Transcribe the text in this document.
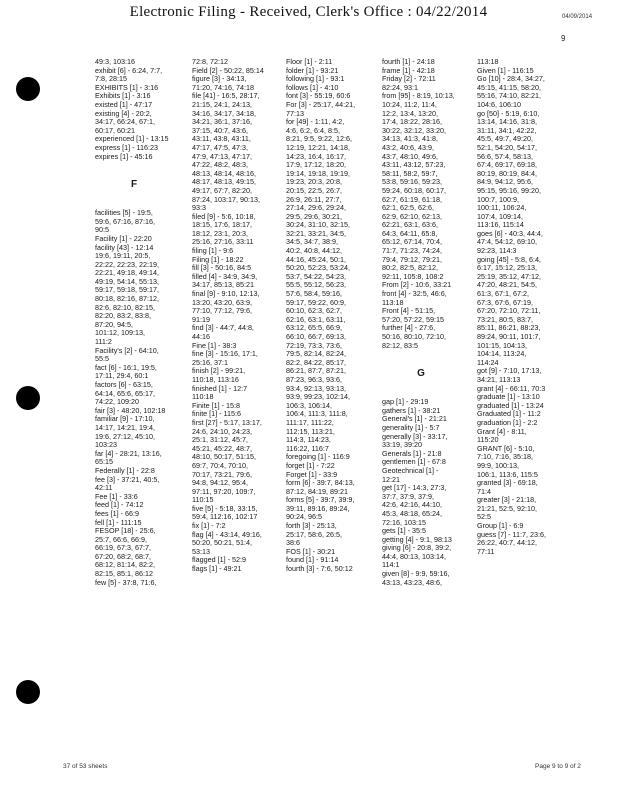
Electronic Filing - Received, Clerk's Office : 04/22/2014	04/09/2014
9
49:3, 103:16
exhibit [6] - 6:24, 7:7,
7:8, 28:15
EXHIBITS [1] - 3:16
Exhibits [1] - 3:16
existed [1] - 47:17
existing [4] - 20:2,
34:17, 66:24, 67:1,
60:17, 60:21
experienced [1] - 13:15
express [1] - 116:23
expires [1] - 45:16
F
facilities [5] - 19:5,
59:6, 67:16, 87:16,
90:5
Facility [1] - 22:20
facility [43] - 12:14
19:6, 19:11, 20:5,
22:22, 22:23, 22:19,
22:21, 49:18, 49:14,
49:19, 54:14, 55:13,
59:17, 59:18, 59:17,
80:18, 82:16, 87:12,
82:6, 82:10, 82:15,
82:20, 83:2, 83:8,
87:20, 94:5,
101:12, 109:13,
111:2
Facility's [2] - 64:10,
55:5
fact [6] - 16:1, 19:5,
17:11, 29:4, 60:1
factors [6] - 63:15,
64:14, 65:6, 65:17,
74:22, 109:20
fair [3] - 48:20, 102:18
familiar [9] - 17:10,
14:17, 14:21, 19:4,
19:6, 27:12, 45:10,
103:23
far [4] - 28:21, 13:16,
65:15
Federally [1] - 22:8
fee [3] - 37:21, 40:5,
42:11
Fee [1] - 33:6
feed [1] - 74:12
fees [1] - 66:9
fell [1] - 111:15
FESOP [18] - 25:6,
25:7, 66:6, 66:9,
66:19, 67:3, 67:7,
67:20, 68:2, 68:7,
68:12, 81:14, 82:2,
82:15, 85:1, 86:12
few [5] - 37:8, 71:6,
72:8, 72:12
Field [2] - 50:22, 85:14
figure [3] - 34:13,
71:20, 74:16, 74:18
file [41] - 16:5, 28:17,
21:15, 24:1, 24:13,
34:16, 34:17, 34:18,
34:21, 36:1, 37:16,
37:15, 40:7, 43:6,
43:11, 43:8, 43:11,
47:17, 47:5, 47:3,
47:9, 47:13, 47:17,
47:22, 48:2, 48:3,
48:13, 48:14, 48:16,
48:17, 48:13, 49:15,
49:17, 67:7, 82:20,
87:24, 103:17, 90:13,
93:3
filed [9] - 5:6, 10:18,
18:15, 17:6, 18:17,
18:12, 23:1, 20:3,
25:16, 27:16, 33:11
filing [1] - 9:6
Filing [1] - 18:22
fill [3] - 50:16, 84:5
filled [4] - 34:9, 34:9,
34:17, 85:13, 85:21
final [9] - 9:10, 12:13,
13:20, 43:20, 63:9,
77:10, 77:12, 79:6,
91:19
find [3] - 44:7, 44:8,
44:16
Fine [1] - 38:3
fine [3] - 15:16, 17:1,
25:16, 37:1
finish [2] - 99:21,
110:18, 113:16
finished [1] - 12:7
110:18
Finite [1] - 15:8
finite [1] - 115:6
first [27] - 5:17, 13:17,
24:6, 24:10, 24:23,
25:1, 31:12, 45:7,
45:21, 45:22, 48:7,
48:10, 50:17, 51:15,
69:7, 70:4, 70:10,
70:17, 73:21, 79:6,
94:8, 94:12, 95:4,
97:11, 97:20, 109:7,
110:15
five [5] - 5:18, 33:15,
59:4, 112:16, 102:17
fix [1] - 7:2
flag [4] - 43:14, 49:16,
50:20, 50:21, 51:4,
53:13
flagged [1] - 52:9
flags [1] - 49:21
Floor [1] - 2:11
folder [1] - 93:21
following [1] - 93:1
follows [1] - 4:10
font [3] - 55:19, 60:6
For [3] - 25:17, 44:21,
77:13
for [49] - 1:11, 4:2,
4:6, 6:2, 6:4, 8:5,
8:21, 9:5, 9:22, 12:6,
12:19, 12:21, 14:18,
14:23, 16:4, 16:17,
17:9, 17:12, 18:20,
19:14, 19:18, 19:19,
19:23, 20:3, 20:8,
20:15, 22:5, 26:7,
26:9, 26:11, 27:7,
27:14, 29:6, 29:24,
29:5, 29:6, 30:21,
30:24, 31:10, 32:15,
32:21, 33:21, 34:5,
34:5, 34:7, 38:9,
40:2, 40:8, 44:12,
44:16, 45:24, 50:1,
50:20, 52:23, 53:24,
53:7, 54:22, 54:23,
55:5, 55:12, 56:23,
57:6, 58:4, 59:16,
59:17, 59:22, 60:9,
60:10, 62:3, 62:7,
62:16, 63:1, 63:11,
63:12, 65:5, 66:9,
66:10, 66:7, 69:13,
72:19, 73:3, 73:6,
79:5, 82:14, 82:24,
82:2, 84:22, 85:17,
86:21, 87:7, 87:21,
87:23, 96:3, 93:6,
93:4, 92:13, 93:13,
93:9, 99:23, 102:14,
106:3, 106:14,
106:4, 111:3, 111:8,
111:17, 111:22,
112:15, 113:21,
114:3, 114:23,
116:22, 116:7
foregoing [1] - 116:9
forget [1] - 7:22
Forget [1] - 33:9
form [6] - 39:7, 84:13,
87:12, 84:19, 89:21
forms [5] - 39:7, 39:9,
39:11, 89:16, 89:24,
90:24, 96:5
forth [3] - 25:13,
25:17, 58:6, 26:5,
38:6
FOS [1] - 30:21
found [1] - 91:14
fourth [3] - 7:6, 50:12
fourth [1] - 24:18
frame [1] - 42:18
Friday [2] - 72:11
82:24, 93:1
from [95] - 8:19, 10:13,
10:24, 11:2, 11:4,
12:2, 13:4, 13:20,
17:4, 18:22, 28:16,
30:22, 32:12, 33:20,
34:13, 41:3, 41:8,
43:2, 40:6, 43:9,
43:7, 48:10, 49:6,
43:11, 43:12, 57:23,
58:11, 58:2, 59:7,
53:8, 59:16, 59:23,
59:24, 60:18, 60:17,
62:7, 61:19, 61:18,
62:1, 62:5, 62:6,
62:9, 62:10, 62:13,
62:21, 63:1, 63:6,
64:3, 64:11, 65:8,
65:12, 67:14, 70:4,
71:7, 71:23, 74:24,
79:4, 79:12, 79:21,
80:2, 82:5, 82:12,
92:11, 105:8, 108:2
From [2] - 10:6, 33:21
front [4] - 32:5, 46:6,
113:18
Front [4] - 51:15,
57:20, 57:22, 59:15
further [4] - 27:6,
50:16, 80:10, 72:10,
82:12, 83:5
G
gap [1] - 29:19
gathers [1] - 38:21
General's [1] - 21:21
generality [1] - 5:7
generally [3] - 33:17,
33:19, 39:20
Generals [1] - 21:8
gentlemen [1] - 67:8
Geotechnical [1] -
12:21
get [17] - 14:3, 27:3,
37:7, 37:9, 37:9,
42:6, 42:16, 44:10,
45:3, 48:18, 65:24,
72:16, 103:15
gets [1] - 35:5
getting [4] - 9:1, 98:13
giving [6] - 20:8, 39:2,
44:4, 80:13, 103:14,
114:1
given [8] - 9:9, 59:16,
43:13, 43:23, 48:6,
113:18
Given [1] - 116:15
Go [10] - 28:4, 34:27,
45:15, 41:15, 58:20,
55:16, 74:10, 82:21,
104:6, 106:10
go [50] - 5:19, 6:10,
13:14, 14:16, 31:8,
31:11, 34:1, 42:22,
45:5, 49:7, 49:20,
52:1, 54:20, 54:17,
56:6, 57:4, 58:13,
67:4, 69:17, 69:18,
80:19, 80:19, 84:4,
84:9, 94:12, 95:6,
95:15, 95:16, 99:20,
100:7, 100:9,
100:11, 106:24,
107:4, 109:14,
113:16, 115:14
goes [6] - 40:3, 44:4,
47:4, 54:12, 69:10,
92:23, 114:3
going [45] - 5:8, 6:4,
6:17, 15:12, 25:13,
25:19, 35:12, 47:12,
47:20, 48:21, 54:5,
61:3, 67:1, 67:2,
67:3, 67:6, 67:19,
67:20, 72:10, 72:11,
73:21, 80:5, 83:7,
85:11, 86:21, 88:23,
89:24, 90:11, 101:7,
101:15, 104:13,
104:14, 113:24,
114:24
got [9] - 7:10, 17:13,
34:21, 113:13
grant [4] - 66:11, 70:3
graduate [1] - 13:10
graduated [1] - 13:24
Graduated [1] - 11:2
graduation [1] - 2:2
Grant [4] - 8:11,
115:20
GRANT [6] - 5:10,
7:10, 7:16, 35:18,
99:9, 100:13,
106:1, 113:6, 115:5
granted [3] - 69:18,
71:4
greater [3] - 21:18,
21:21, 52:5, 92:10,
52:5
Group [1] - 6:9
guess [7] - 11:7, 23:6,
26:22, 40:7, 44:12,
77:11
37 of 53 sheets	Page 9 to 9 of 2
